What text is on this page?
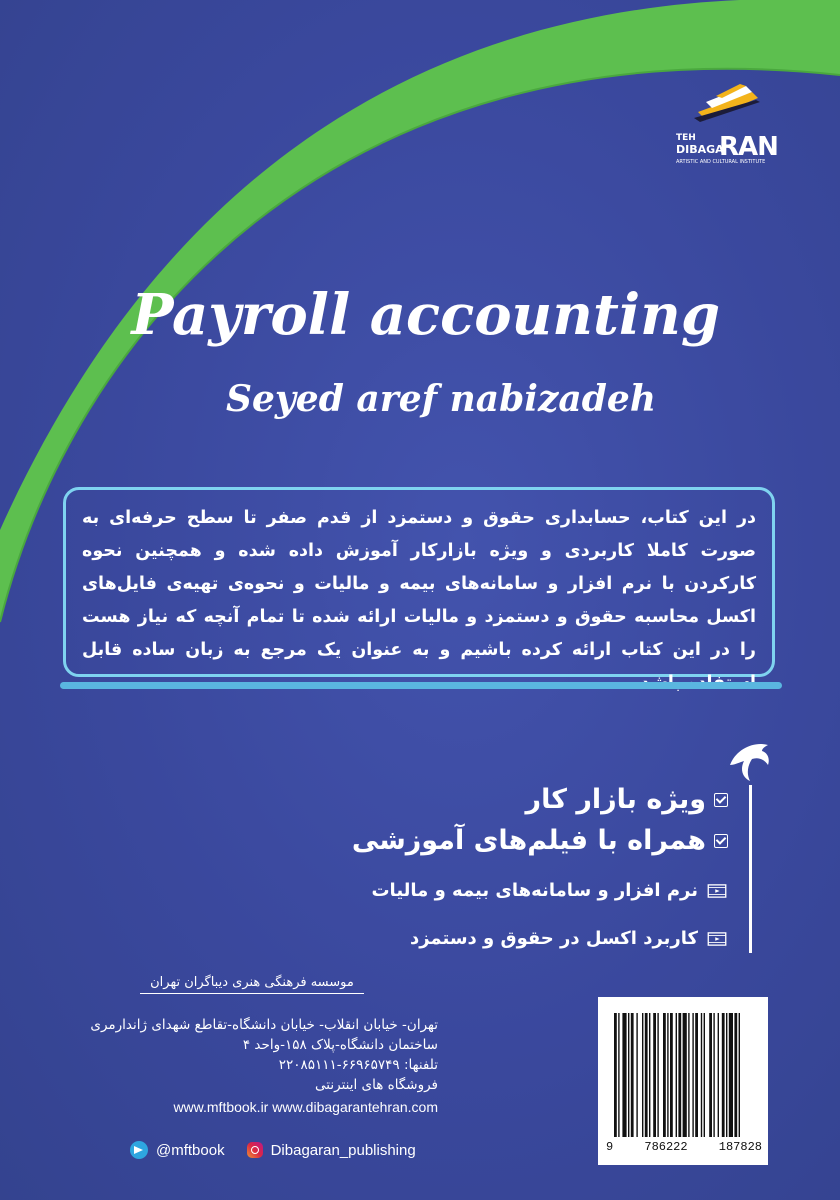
TEH
DIBAGA
RAN
ARTISTIC AND CULTURAL INSTITUTE
Payroll accounting
Seyed aref nabizadeh

در این کتاب، حسابداری حقوق و دستمزد از قدم صفر تا سطح حرفه‌ای به صورت کاملا کاربردی و ویژه بازارکار آموزش داده شده و همچنین نحوه کارکردن با نرم افزار و سامانه‌های بیمه و مالیات و نحوه‌ی تهیه‌ی فایل‌های اکسل محاسبه حقوق و دستمزد و مالیات ارائه شده تا تمام آنچه که نیاز هست را در این کتاب ارائه کرده باشیم و به عنوان یک مرجع به زبان ساده قابل

ویژه بازار کار
همراه با فیلم‌های آموزشی
نرم افزار و سامانه‌های بیمه و مالیات
کاربرد اکسل در حقوق و دستمزد
موسسه فرهنگی هنری دیباگران تهران
تهران- خیابان انقلاب- خیابان دانشگاه-تقاطع شهدای ژاندارمری
ساختمان دانشگاه-پلاک ۱۵۸-واحد ۴
تلفنها: ۶۶۹۶۵۷۴۹-۲۲۰۸۵۱۱۱
فروشگاه های اینترنتی
www.mftbook.ir www.dibagarantehran.com
@mftbook	Dibagaran_publishing	9	786222	187828
